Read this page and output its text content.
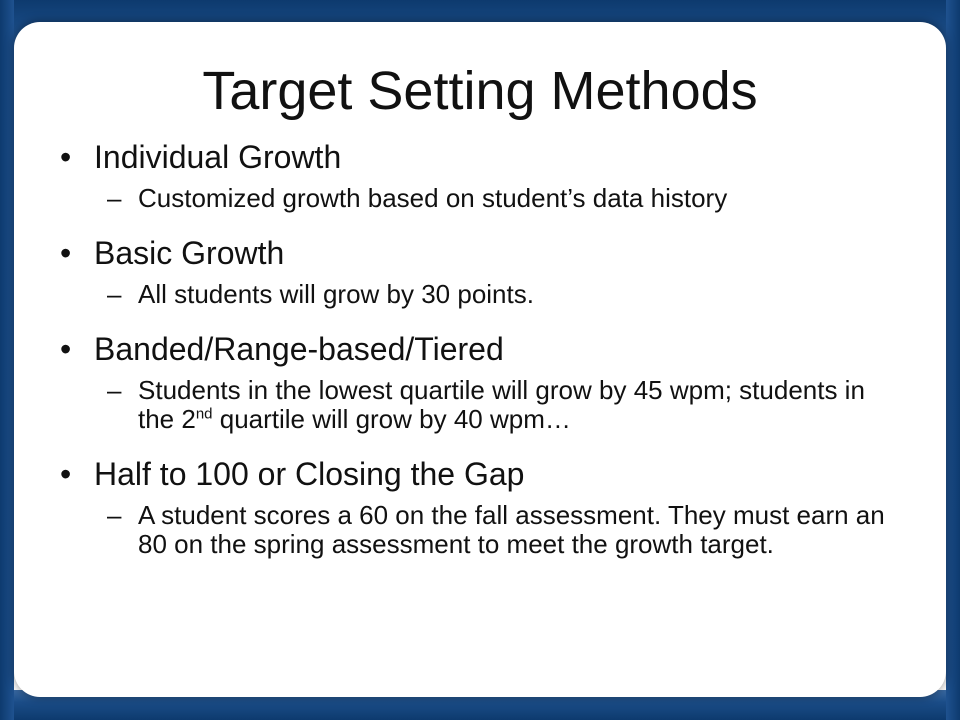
Target Setting Methods

• Individual Growth

– Customized growth based on student’s data history

• Basic Growth

– All students will grow by 30 points.

• Banded/Range-based/Tiered

– Students in the lowest quartile will grow by 45 wpm; students in the 2nd quartile will grow by 40 wpm…

• Half to 100 or Closing the Gap

– A student scores a 60 on the fall assessment. They must earn an 80 on the spring assessment to meet the growth target.
